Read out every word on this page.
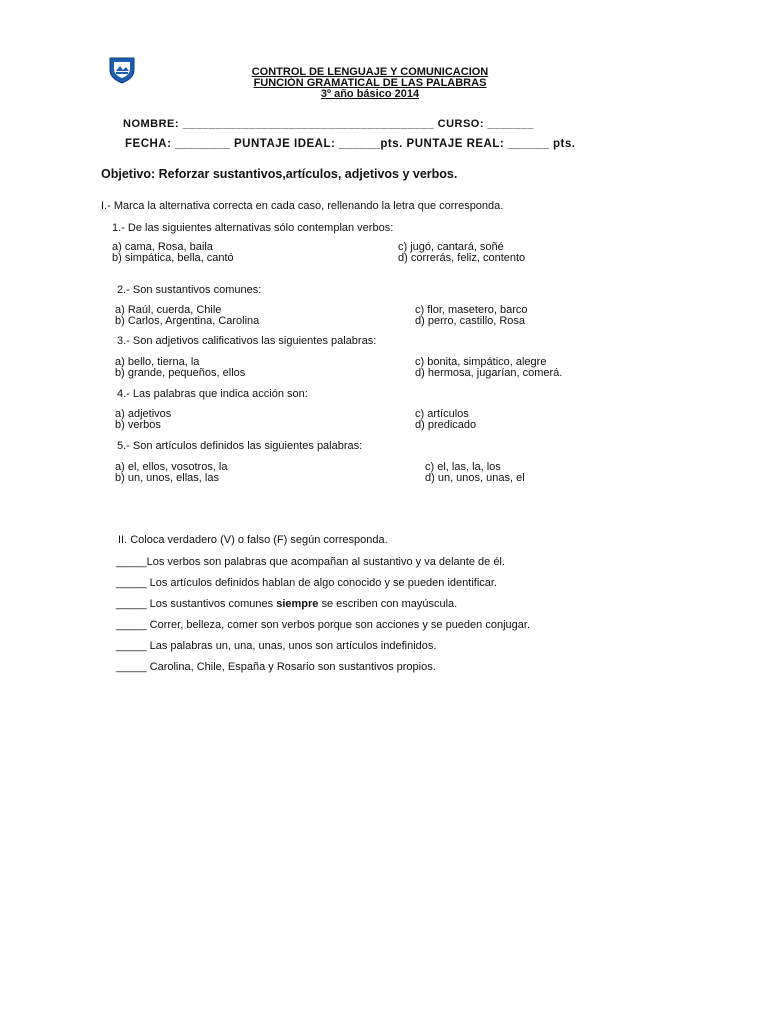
CONTROL DE LENGUAJE Y COMUNICACION
FUNCIÓN GRAMATICAL DE LAS PALABRAS
3º año básico 2014
NOMBRE: ______________________________________ CURSO: _______
FECHA: ________ PUNTAJE IDEAL: ______pts. PUNTAJE REAL: ______ pts.
Objetivo: Reforzar sustantivos,artículos, adjetivos y verbos.
I.- Marca la alternativa correcta en cada caso, rellenando la letra que corresponda.
1.- De las siguientes alternativas sólo contemplan verbos:
a) cama, Rosa, baila
b) simpática, bella, cantó
c) jugó, cantará, soñé
d) correrás, feliz, contento
2.- Son sustantivos comunes:
a) Raúl, cuerda, Chile
b) Carlos, Argentina, Carolina
c) flor, masetero, barco
d) perro, castillo, Rosa
3.- Son adjetivos calificativos las siguientes palabras:
a) bello, tierna, la
b) grande, pequeños, ellos
c) bonita, simpático, alegre
d) hermosa, jugarían, comerá.
4.- Las palabras que indica acción son:
a) adjetivos
b) verbos
c) artículos
d) predicado
5.- Son artículos definidos las siguientes palabras:
a) el, ellos, vosotros, la
b) un, unos, ellas, las
c) el, las, la, los
d) un, unos, unas, el
II. Coloca verdadero (V) o falso (F) según corresponda.
_____Los verbos son palabras que acompañan al sustantivo y va delante de él.
_____ Los artículos definidos hablan de algo conocido y se pueden identificar.
_____ Los sustantivos comunes siempre se escriben con mayúscula.
_____ Correr, belleza, comer son verbos porque son acciones y se pueden conjugar.
_____ Las palabras un, una, unas, unos son artículos indefinidos.
_____ Carolina, Chile, España y Rosario son sustantivos propios.
